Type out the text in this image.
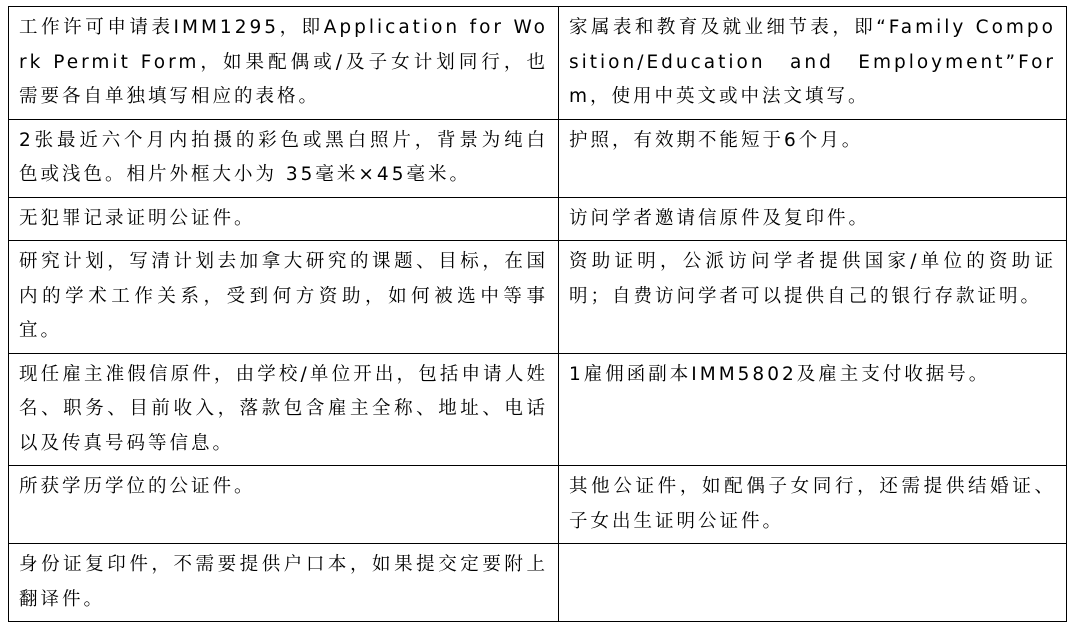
工作许可申请表IMM1295，即Application for Work Permit Form，如果配偶或/及子女计划同行，也需要各自单独填写相应的表格。	家属表和教育及就业细节表，即“Family Composition/Education and Employment”Form，使用中英文或中法文填写。
2张最近六个月内拍摄的彩色或黑白照片，背景为纯白色或浅色。相片外框大小为 35毫米×45毫米。	护照，有效期不能短于6个月。
无犯罪记录证明公证件。	访问学者邀请信原件及复印件。
研究计划，写清计划去加拿大研究的课题、目标，在国内的学术工作关系，受到何方资助，如何被选中等事宜。	资助证明，公派访问学者提供国家/单位的资助证明；自费访问学者可以提供自己的银行存款证明。
现任雇主准假信原件，由学校/单位开出，包括申请人姓名、职务、目前收入，落款包含雇主全称、地址、电话以及传真号码等信息。	1雇佣函副本IMM5802及雇主支付收据号。
所获学历学位的公证件。	其他公证件，如配偶子女同行，还需提供结婚证、子女出生证明公证件。
身份证复印件，不需要提供户口本，如果提交定要附上翻译件。	
